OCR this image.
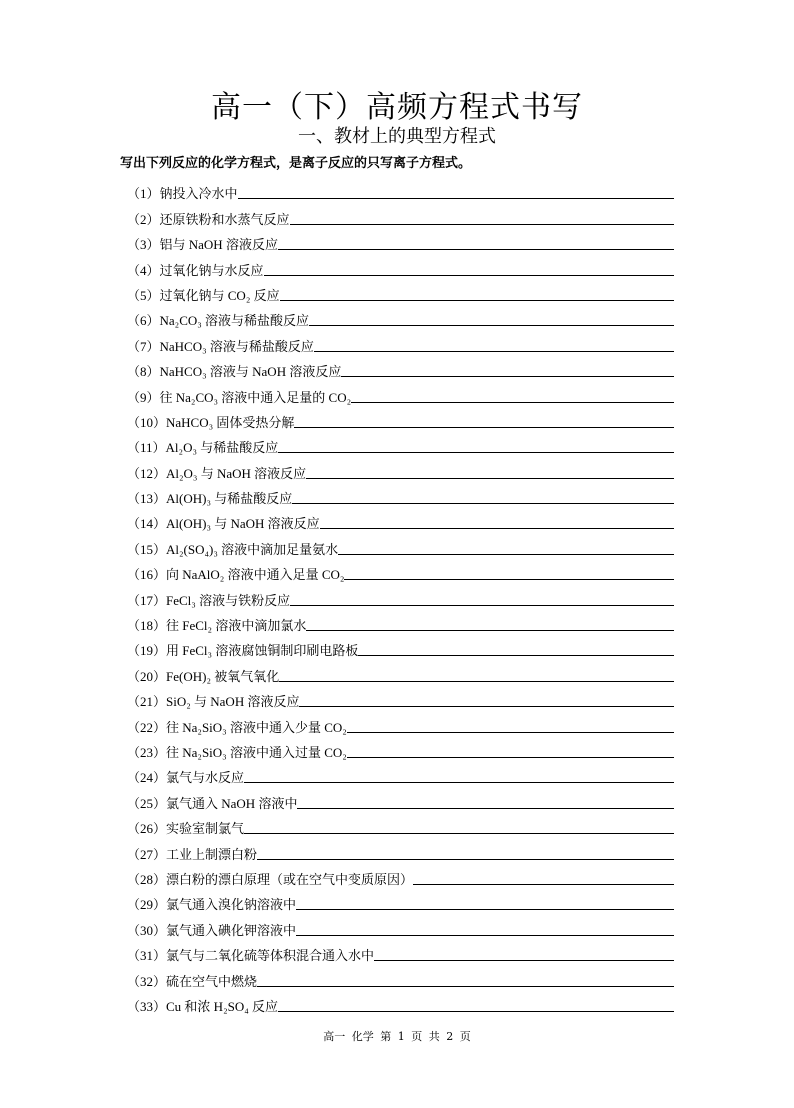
高一（下）高频方程式书写
一、教材上的典型方程式
写出下列反应的化学方程式，是离子反应的只写离子方程式。
（1） 钠投入冷水中
（2） 还原铁粉和水蒸气反应
（3） 铝与 NaOH 溶液反应
（4） 过氧化钠与水反应
（5） 过氧化钠与 CO₂ 反应
（6） Na₂CO₃ 溶液与稀盐酸反应
（7） NaHCO₃ 溶液与稀盐酸反应
（8） NaHCO₃ 溶液与 NaOH 溶液反应
（9） 往 Na₂CO₃ 溶液中通入足量的 CO₂
（10） NaHCO₃ 固体受热分解
（11） Al₂O₃ 与稀盐酸反应
（12） Al₂O₃ 与 NaOH 溶液反应
（13） Al(OH)₃ 与稀盐酸反应
（14） Al(OH)₃ 与 NaOH 溶液反应
（15） Al₂(SO₄)₃ 溶液中滴加足量氨水
（16） 向 NaAlO₂ 溶液中通入足量 CO₂
（17） FeCl₃ 溶液与铁粉反应
（18） 往 FeCl₂ 溶液中滴加氯水
（19） 用 FeCl₃ 溶液腐蚀铜制印刷电路板
（20） Fe(OH)₂ 被氧气氧化
（21） SiO₂ 与 NaOH 溶液反应
（22） 往 Na₂SiO₃ 溶液中通入少量 CO₂
（23） 往 Na₂SiO₃ 溶液中通入过量 CO₂
（24） 氯气与水反应
（25） 氯气通入 NaOH 溶液中
（26） 实验室制氯气
（27） 工业上制漂白粉
（28） 漂白粉的漂白原理（或在空气中变质原因）
（29） 氯气通入溴化钠溶液中
（30） 氯气通入碘化钾溶液中
（31） 氯气与二氧化硫等体积混合通入水中
（32） 硫在空气中燃烧
（33） Cu 和浓 H₂SO₄ 反应
高一 化学 第 1 页 共 2 页
